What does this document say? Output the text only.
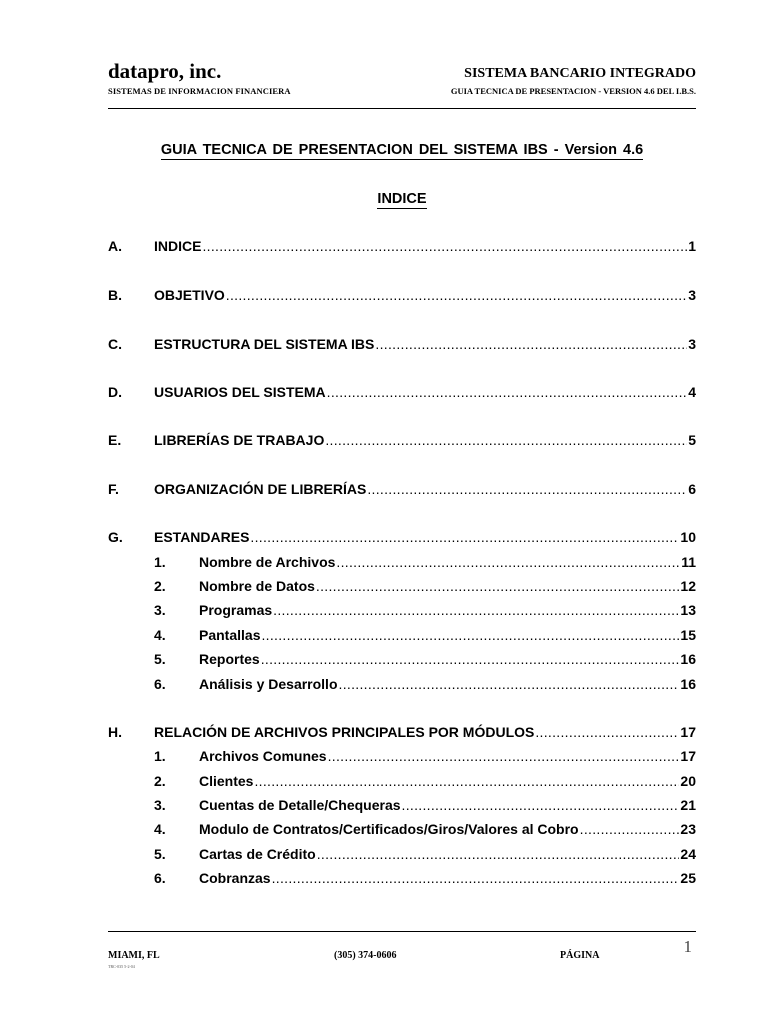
datapro, inc.
SISTEMAS DE INFORMACION FINANCIERA
SISTEMA BANCARIO INTEGRADO
GUIA TECNICA DE PRESENTACION - VERSION 4.6 DEL I.B.S.
GUIA TECNICA DE PRESENTACION DEL SISTEMA IBS - Version 4.6
INDICE
A. INDICE .....	1
B. OBJETIVO .....	3
C. ESTRUCTURA DEL SISTEMA IBS .....	3
D. USUARIOS DEL SISTEMA .....	4
E. LIBRERÍAS DE TRABAJO .....	5
F.	ORGANIZACIÓN DE LIBRERÍAS .....	6
G. ESTANDARES .....	10
1. Nombre de Archivos .....	11
2. Nombre de Datos .....	12
3. Programas .....	13
4. Pantallas .....	15
5. Reportes .....	16
6. Análisis y Desarrollo .....	16
H. RELACIÓN DE ARCHIVOS PRINCIPALES POR MÓDULOS .....	17
1. Archivos Comunes .....	17
2. Clientes .....	20
3. Cuentas de Detalle/Chequeras .....	21
4. Modulo de Contratos/Certificados/Giros/Valores al Cobro .....	23
5. Cartas de Crédito .....	24
6. Cobranzas .....	25
1
MIAMI, FL
TRC-035 5-2-04
(305) 374-0606	PÁGINA
